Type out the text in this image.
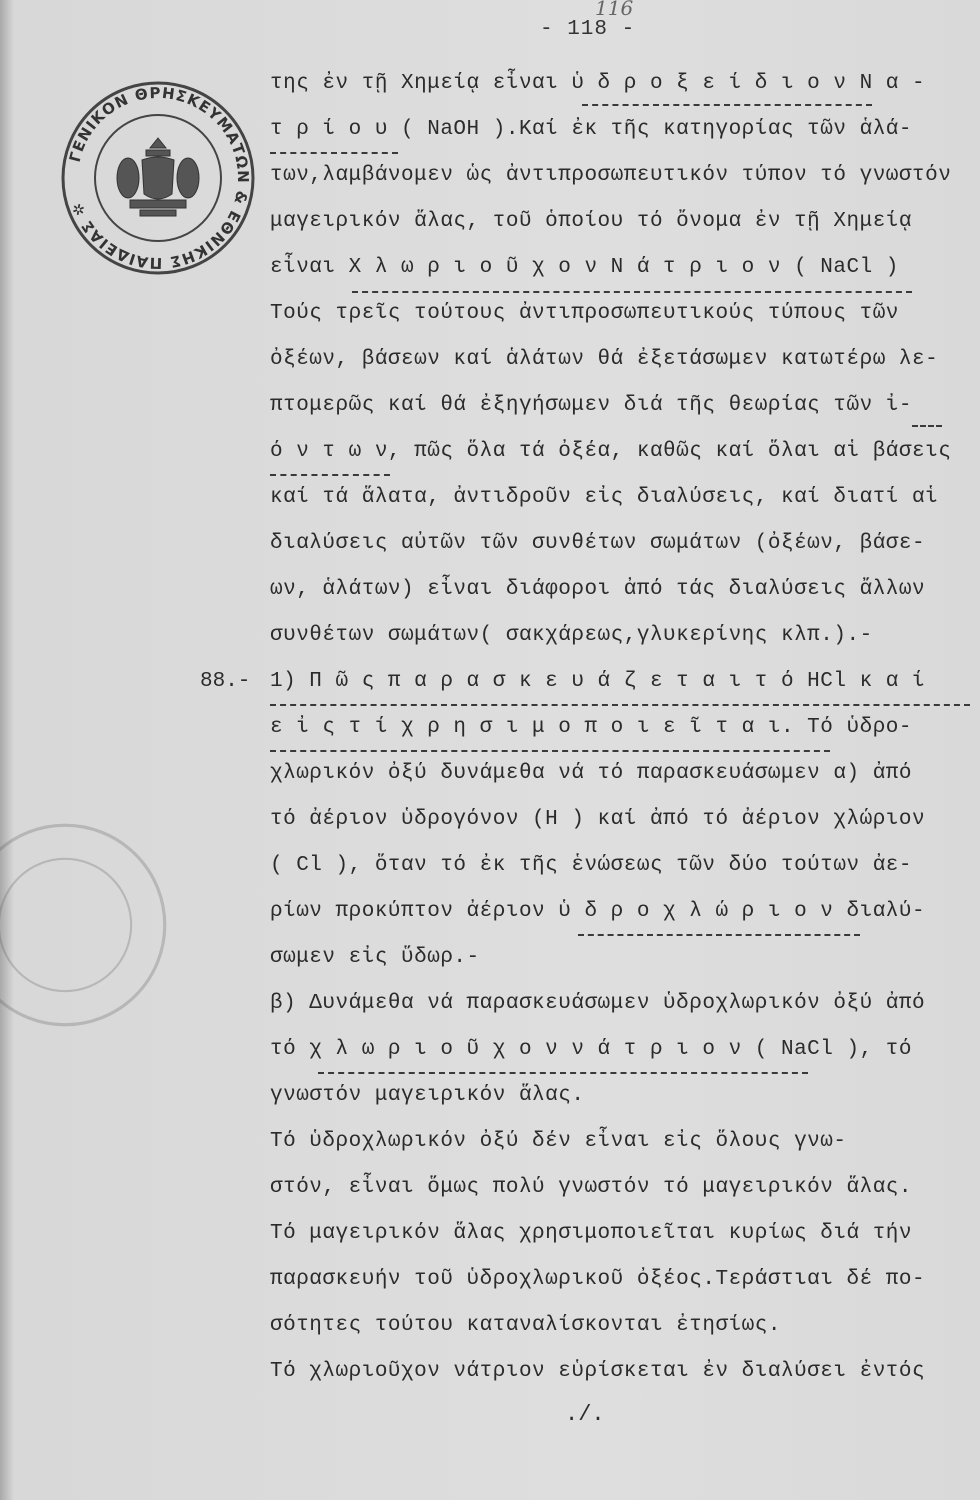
- 118 -
116
ΓΕΝΙΚΟΝ ΘΡΗΣΚΕΥΜΑΤΩΝ & ΕΘΝΙΚΗΣ ΠΑΙΔΕΙΑΣ ✲
της ἐν τῇ Χημείᾳ εἶναι ὑ δ ρ ο ξ ε ί δ ι ο ν Ν α -
τ ρ ί ο υ ( NaOH ).Καί ἐκ τῆς κατηγορίας τῶν ἁλά-
των,λαμβάνομεν ὡς ἀντιπροσωπευτικόν τύπον τό γνωστόν
μαγειρικόν ἅλας, τοῦ ὁποίου τό ὄνομα ἐν τῇ Χημείᾳ
εἶναι Χ λ ω ρ ι ο ῦ χ ο ν Ν ά τ ρ ι ο ν ( NaCl )
Τούς τρεῖς τούτους ἀντιπροσωπευτικούς τύπους τῶν
ὀξέων, βάσεων καί ἁλάτων θά ἐξετάσωμεν κατωτέρω λε-
πτομερῶς καί θά ἐξηγήσωμεν διά τῆς θεωρίας τῶν ἰ-
ό ν τ ω ν, πῶς ὅλα τά ὀξέα, καθῶς καί ὅλαι αἱ βάσεις
καί τά ἅλατα, ἀντιδροῦν εἰς διαλύσεις, καί διατί αἱ
διαλύσεις αὐτῶν τῶν συνθέτων σωμάτων (ὀξέων, βάσε-
ων, ἁλάτων) εἶναι διάφοροι ἀπό τάς διαλύσεις ἄλλων
συνθέτων σωμάτων( σακχάρεως,γλυκερίνης κλπ.).-
88.- 1) Π ῶ ς π α ρ α σ κ ε υ ά ζ ε τ α ι τ ό HCl κ α ί
ε ἰ ς τ ί χ ρ η σ ι μ ο π ο ι ε ῖ τ α ι. Τό ὑδρο-
χλωρικόν ὀξύ δυνάμεθα νά τό παρασκευάσωμεν α) ἀπό
τό ἀέριον ὑδρογόνον (Η ) καί ἀπό τό ἀέριον χλώριον
( Cl ), ὅταν τό ἐκ τῆς ἑνώσεως τῶν δύο τούτων ἀε-
ρίων προκύπτον ἀέριον ὑ δ ρ ο χ λ ώ ρ ι ο ν διαλύ-
σωμεν εἰς ὕδωρ.-
β) Δυνάμεθα νά παρασκευάσωμεν ὑδροχλωρικόν ὀξύ ἀπό
τό χ λ ω ρ ι ο ῦ χ ο ν ν ά τ ρ ι ο ν ( NaCl ), τό
γνωστόν μαγειρικόν ἅλας.
Τό ὑδροχλωρικόν ὀξύ δέν εἶναι εἰς ὅλους γνω-
στόν, εἶναι ὅμως πολύ γνωστόν τό μαγειρικόν ἅλας.
Τό μαγειρικόν ἅλας χρησιμοποιεῖται κυρίως διά τήν
παρασκευήν τοῦ ὑδροχλωρικοῦ ὀξέος.Τεράστιαι δέ πο-
σότητες τούτου καταναλίσκονται ἐτησίως.
Τό χλωριοῦχον νάτριον εὑρίσκεται ἐν διαλύσει ἐντός
./.
